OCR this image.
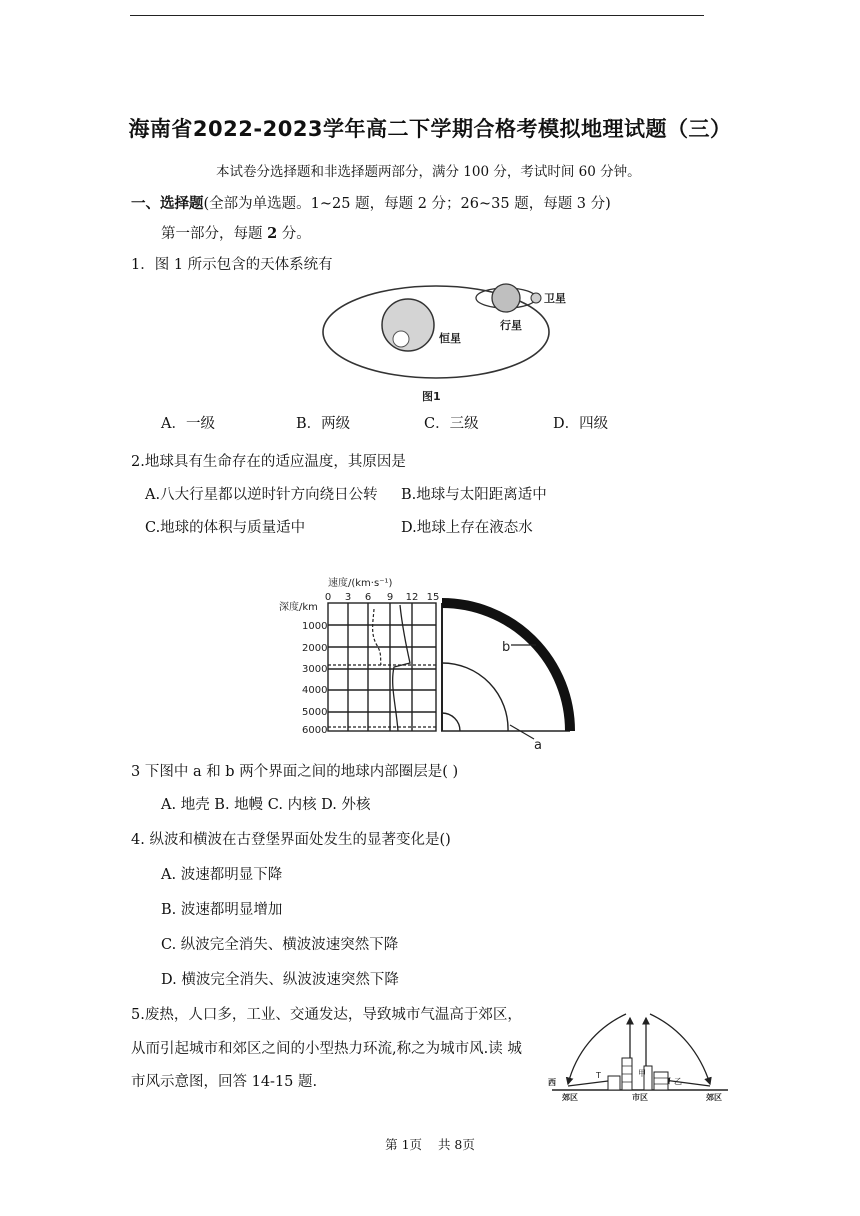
海南省2022-2023学年高二下学期合格考模拟地理试题（三）
本试卷分选择题和非选择题两部分，满分 100 分，考试时间 60 分钟。
一、选择题(全部为单选题。1~25 题，每题 2 分；26~35 题，每题 3 分)
第一部分，每题 2 分。
1．图 1 所示包含的天体系统有
恒星
行星
卫星
图1
A．一级	B．两级	C．三级	D．四级
2.地球具有生命存在的适应温度，其原因是
A.八大行星都以逆时针方向绕日公转 B.地球与太阳距离适中
C.地球的体积与质量适中	D.地球上存在液态水
速度/(km·s⁻¹)
0 3 6 9 12 15
深度/km
1000
2000
3000
4000
5000
6000
b
a
3 下图中 a 和 b 两个界面之间的地球内部圈层是( )
A. 地壳 B. 地幔 C. 内核 D. 外核
4. 纵波和横波在古登堡界面处发生的显著变化是()
A. 波速都明显下降
B. 波速都明显增加
C. 纵波完全消失、横波波速突然下降
D. 横波完全消失、纵波波速突然下降
5.废热，人口多，工业、交通发达，导致城市气温高于郊区，
从而引起城市和郊区之间的小型热力环流,称之为城市风.读 城
市风示意图，回答 14-15 题.	T	甲
乙
西
郊区	市区	郊区
第 1页 共 8页
